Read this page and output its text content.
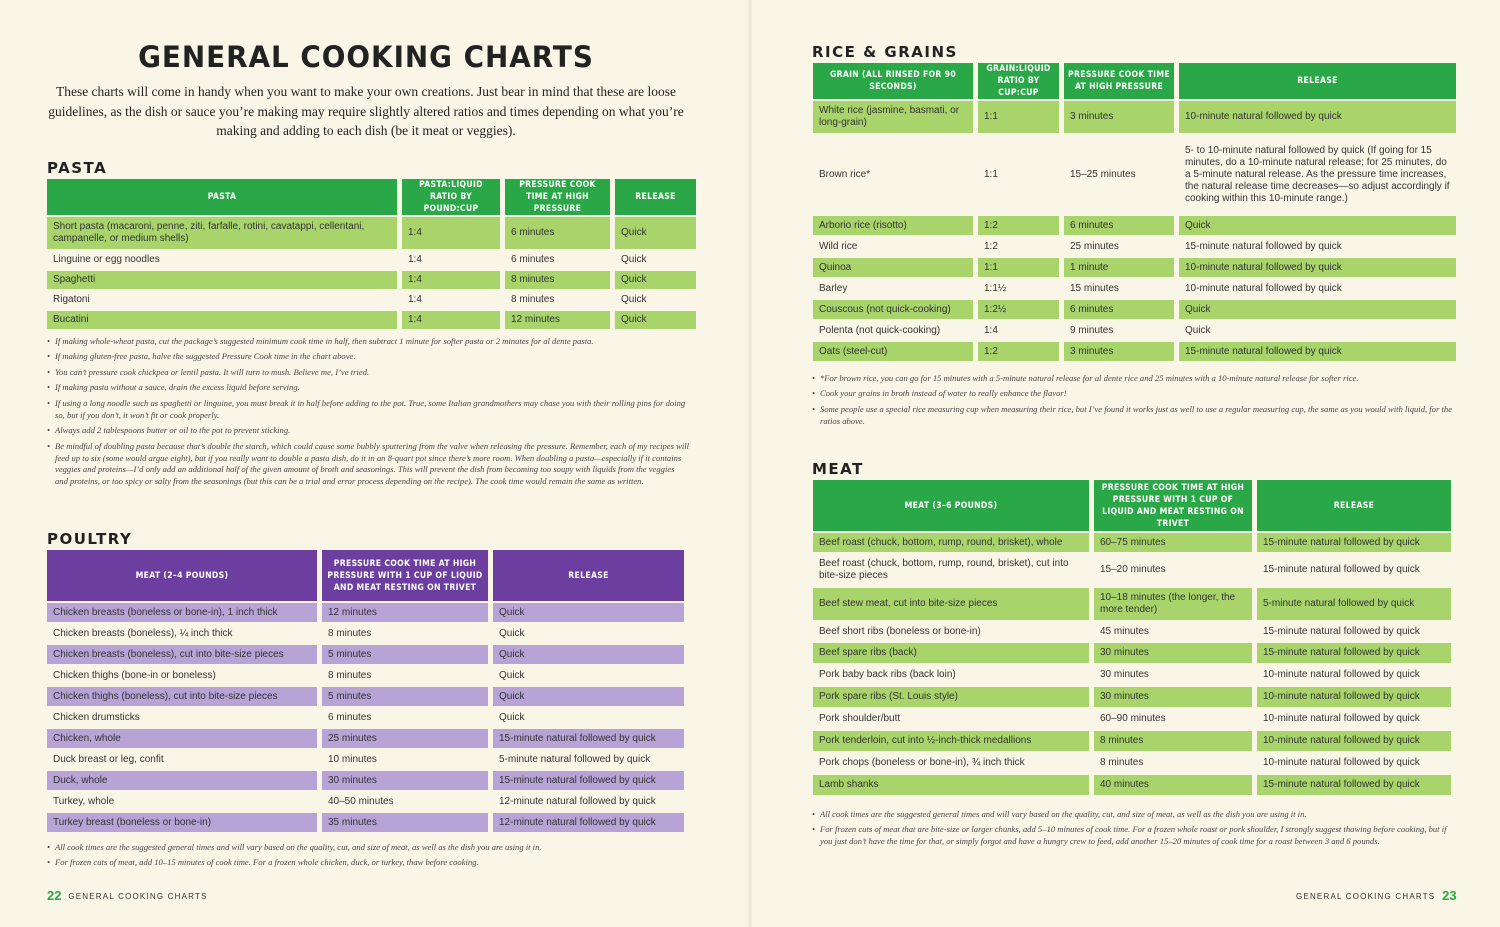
GENERAL COOKING CHARTS

These charts will come in handy when you want to make your own creations. Just bear in mind that these are loose guidelines, as the dish or sauce you’re making may require slightly altered ratios and times depending on what you’re making and adding to each dish (be it meat or veggies).

PASTA
PASTA	PASTA:LIQUID RATIO BY POUND:CUP	PRESSURE COOK TIME AT HIGH PRESSURE	RELEASE
Short pasta (macaroni, penne, ziti, farfalle, rotini, cavatappi, cellentani, campanelle, or medium shells)	1:4	6 minutes	Quick
Linguine or egg noodles	1:4	6 minutes	Quick
Spaghetti	1:4	8 minutes	Quick
Rigatoni	1:4	8 minutes	Quick
Bucatini	1:4	12 minutes	Quick
• If making whole-wheat pasta, cut the package’s suggested minimum cook time in half, then subtract 1 minute for softer pasta or 2 minutes for al dente pasta.
• If making gluten-free pasta, halve the suggested Pressure Cook time in the chart above.
• You can’t pressure cook chickpea or lentil pasta. It will turn to mush. Believe me, I’ve tried.
• If making pasta without a sauce, drain the excess liquid before serving.
• If using a long noodle such as spaghetti or linguine, you must break it in half before adding to the pot. True, some Italian grandmothers may chase you with their rolling pins for doing so, but if you don’t, it won’t fit or cook properly.
• Always add 2 tablespoons butter or oil to the pot to prevent sticking.
• Be mindful of doubling pasta because that’s double the starch, which could cause some bubbly sputtering from the valve when releasing the pressure. Remember, each of my recipes will feed up to six (some would argue eight), but if you really want to double a pasta dish, do it in an 8-quart pot since there’s more room. When doubling a pasta—especially if it contains veggies and proteins—I’d only add an additional half of the given amount of broth and seasonings. This will prevent the dish from becoming too soupy with liquids from the veggies and proteins, or too spicy or salty from the seasonings (but this can be a trial and error process depending on the recipe). The cook time would remain the same as written.
POULTRY
MEAT (2–4 POUNDS)	PRESSURE COOK TIME AT HIGH PRESSURE WITH 1 CUP OF LIQUID AND MEAT RESTING ON TRIVET	RELEASE
Chicken breasts (boneless or bone-in), 1 inch thick	12 minutes	Quick
Chicken breasts (boneless), ¼ inch thick	8 minutes	Quick
Chicken breasts (boneless), cut into bite-size pieces	5 minutes	Quick
Chicken thighs (bone-in or boneless)	8 minutes	Quick
Chicken thighs (boneless), cut into bite-size pieces	5 minutes	Quick
Chicken drumsticks	6 minutes	Quick
Chicken, whole	25 minutes	15-minute natural followed by quick
Duck breast or leg, confit	10 minutes	5-minute natural followed by quick
Duck, whole	30 minutes	15-minute natural followed by quick
Turkey, whole	40–50 minutes	12-minute natural followed by quick
Turkey breast (boneless or bone-in)	35 minutes	12-minute natural followed by quick
• All cook times are the suggested general times and will vary based on the quality, cut, and size of meat, as well as the dish you are using it in.
• For frozen cuts of meat, add 10–15 minutes of cook time. For a frozen whole chicken, duck, or turkey, thaw before cooking.
22 GENERAL COOKING CHARTS
RICE & GRAINS
GRAIN (ALL RINSED FOR 90 SECONDS)	GRAIN:LIQUID RATIO BY CUP:CUP	PRESSURE COOK TIME AT HIGH PRESSURE	RELEASE
White rice (jasmine, basmati, or long-grain)	1:1	3 minutes	10-minute natural followed by quick
Brown rice*	1:1	15–25 minutes	5- to 10-minute natural followed by quick (If going for 15 minutes, do a 10-minute natural release; for 25 minutes, do a 5-minute natural release. As the pressure time increases, the natural release time decreases—so adjust accordingly if cooking within this 10-minute range.)
Arborio rice (risotto)	1:2	6 minutes	Quick
Wild rice	1:2	25 minutes	15-minute natural followed by quick
Quinoa	1:1	1 minute	10-minute natural followed by quick
Barley	1:1½	15 minutes	10-minute natural followed by quick
Couscous (not quick-cooking)	1:2½	6 minutes	Quick
Polenta (not quick-cooking)	1:4	9 minutes	Quick
Oats (steel-cut)	1:2	3 minutes	15-minute natural followed by quick
• *For brown rice, you can go for 15 minutes with a 5-minute natural release for al dente rice and 25 minutes with a 10-minute natural release for softer rice.
• Cook your grains in broth instead of water to really enhance the flavor!
• Some people use a special rice measuring cup when measuring their rice, but I’ve found it works just as well to use a regular measuring cup, the same as you would with liquid, for the ratios above.
MEAT
MEAT (3–6 POUNDS)	PRESSURE COOK TIME AT HIGH PRESSURE WITH 1 CUP OF LIQUID AND MEAT RESTING ON TRIVET	RELEASE
Beef roast (chuck, bottom, rump, round, brisket), whole	60–75 minutes	15-minute natural followed by quick
Beef roast (chuck, bottom, rump, round, brisket), cut into bite-size pieces	15–20 minutes	15-minute natural followed by quick
Beef stew meat, cut into bite-size pieces	10–18 minutes (the longer, the more tender)	5-minute natural followed by quick
Beef short ribs (boneless or bone-in)	45 minutes	15-minute natural followed by quick
Beef spare ribs (back)	30 minutes	15-minute natural followed by quick
Pork baby back ribs (back loin)	30 minutes	10-minute natural followed by quick
Pork spare ribs (St. Louis style)	30 minutes	10-minute natural followed by quick
Pork shoulder/butt	60–90 minutes	10-minute natural followed by quick
Pork tenderloin, cut into ½-inch-thick medallions	8 minutes	10-minute natural followed by quick
Pork chops (boneless or bone-in), ¾ inch thick	8 minutes	10-minute natural followed by quick
Lamb shanks	40 minutes	15-minute natural followed by quick
• All cook times are the suggested general times and will vary based on the quality, cut, and size of meat, as well as the dish you are using it in.
• For frozen cuts of meat that are bite-size or larger chunks, add 5–10 minutes of cook time. For a frozen whole roast or pork shoulder, I strongly suggest thawing before cooking, but if you just don’t have the time for that, or simply forgot and have a hungry crew to feed, add another 15–20 minutes of cook time for a roast between 3 and 6 pounds.
GENERAL COOKING CHARTS 23
